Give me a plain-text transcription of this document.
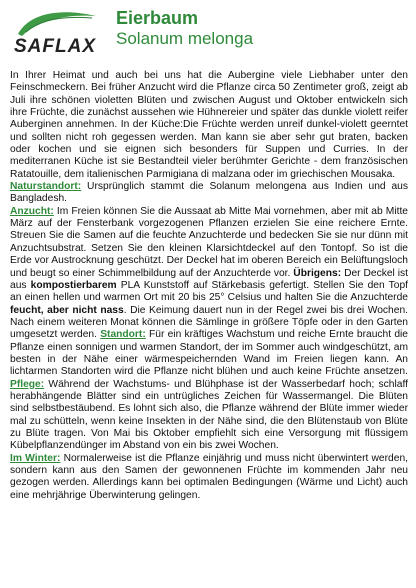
SAFLAX
Eierbaum
Solanum melonga

In Ihrer Heimat und auch bei uns hat die Aubergine viele Liebhaber unter den Feinschmeckern. Bei früher Anzucht wird die Pflanze circa 50 Zentimeter groß, zeigt ab Juli ihre schönen violetten Blüten und zwischen August und Oktober entwickeln sich ihre Früchte, die zunächst aussehen wie Hühnereier und später das dunkle violett reifer Auberginen annehmen. In der Küche:Die Früchte werden unreif dunkel-violett geerntet und sollten nicht roh gegessen werden. Man kann sie aber sehr gut braten, backen oder kochen und sie eignen sich besonders für Suppen und Curries. In der mediterranen Küche ist sie Bestandteil vieler berühmter Gerichte - dem französischen Ratatouille, dem italienischen Parmigiana di malzana oder im griechischen Mousaka.

Naturstandort: Ursprünglich stammt die Solanum melongena aus Indien und aus Bangladesh.

Anzucht: Im Freien können Sie die Aussaat ab Mitte Mai vornehmen, aber mit ab Mitte März auf der Fensterbank vorgezogenen Pflanzen erzielen Sie eine reichere Ernte. Streuen Sie die Samen auf die feuchte Anzuchterde und bedecken Sie sie nur dünn mit Anzuchtsubstrat. Setzen Sie den kleinen Klarsichtdeckel auf den Tontopf. So ist die Erde vor Austrocknung geschützt. Der Deckel hat im oberen Bereich ein Belüftungsloch und beugt so einer Schimmelbildung auf der Anzuchterde vor. Übrigens: Der Deckel ist aus kompostierbarem PLA Kunststoff auf Stärkebasis gefertigt. Stellen Sie den Topf an einen hellen und warmen Ort mit 20 bis 25° Celsius und halten Sie die Anzuchterde feucht, aber nicht nass. Die Keimung dauert nun in der Regel zwei bis drei Wochen. Nach einem weiteren Monat können die Sämlinge in größere Töpfe oder in den Garten umgesetzt werden. Standort: Für ein kräftiges Wachstum und reiche Ernte braucht die Pflanze einen sonnigen und warmen Standort, der im Sommer auch windgeschützt, am besten in der Nähe einer wärmespeichernden Wand im Freien liegen kann. An lichtarmen Standorten wird die Pflanze nicht blühen und auch keine Früchte ansetzen. Pflege: Während der Wachstums- und Blühphase ist der Wasserbedarf hoch; schlaff herabhängende Blätter sind ein untrügliches Zeichen für Wassermangel. Die Blüten sind selbstbestäubend. Es lohnt sich also, die Pflanze während der Blüte immer wieder mal zu schütteln, wenn keine Insekten in der Nähe sind, die den Blütenstaub von Blüte zu Blüte tragen. Von Mai bis Oktober empfiehlt sich eine Versorgung mit flüssigem Kübelpflanzendünger im Abstand von ein bis zwei Wochen.

Im Winter: Normalerweise ist die Pflanze einjährig und muss nicht überwintert werden, sondern kann aus den Samen der gewonnenen Früchte im kommenden Jahr neu gezogen werden. Allerdings kann bei optimalen Bedingungen (Wärme und Licht) auch eine mehrjährige Überwinterung gelingen.
